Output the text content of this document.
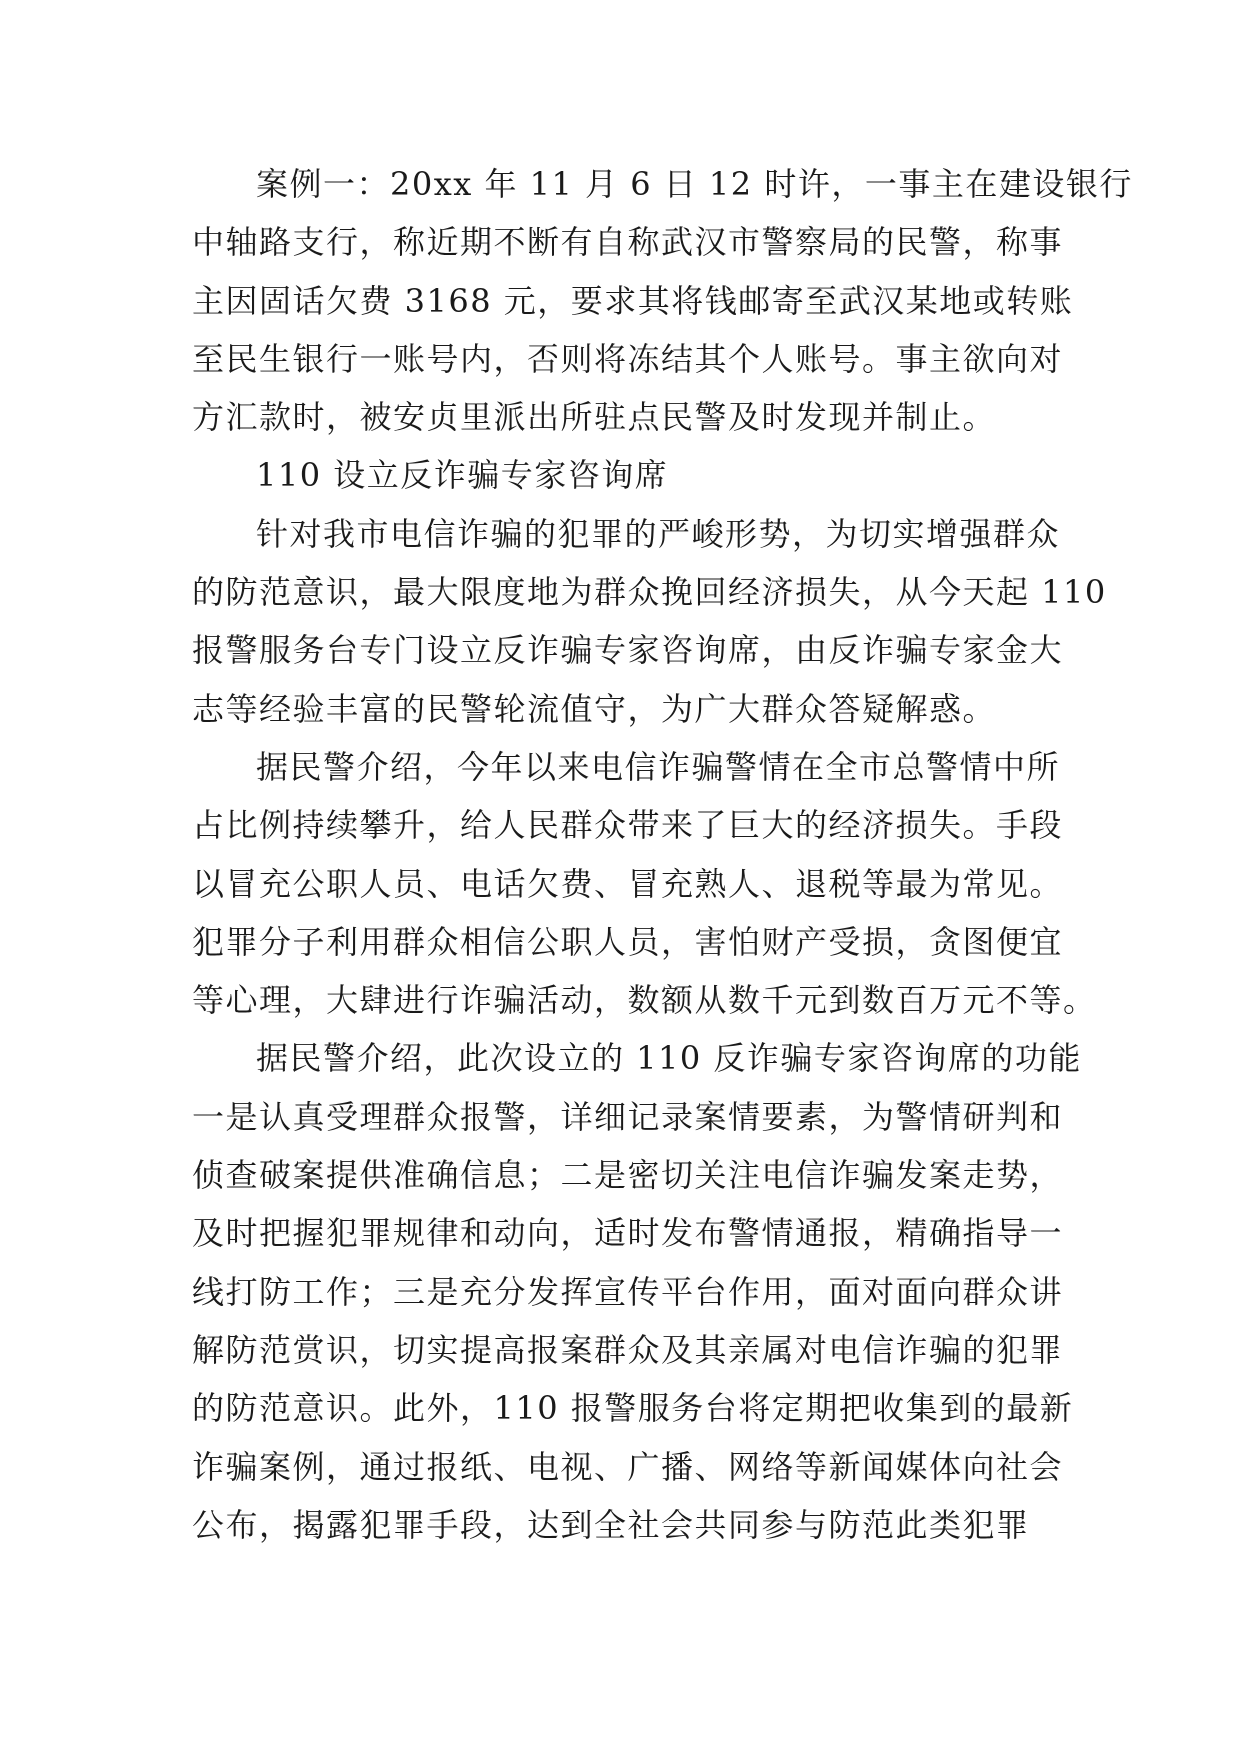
案例一：20xx 年 11 月 6 日 12 时许，一事主在建设银行
中轴路支行，称近期不断有自称武汉市警察局的民警，称事
主因固话欠费 3168 元，要求其将钱邮寄至武汉某地或转账
至民生银行一账号内，否则将冻结其个人账号。事主欲向对
方汇款时，被安贞里派出所驻点民警及时发现并制止。
110 设立反诈骗专家咨询席
针对我市电信诈骗的犯罪的严峻形势，为切实增强群众
的防范意识，最大限度地为群众挽回经济损失，从今天起 110
报警服务台专门设立反诈骗专家咨询席，由反诈骗专家金大
志等经验丰富的民警轮流值守，为广大群众答疑解惑。
据民警介绍，今年以来电信诈骗警情在全市总警情中所
占比例持续攀升，给人民群众带来了巨大的经济损失。手段
以冒充公职人员、电话欠费、冒充熟人、退税等最为常见。
犯罪分子利用群众相信公职人员，害怕财产受损，贪图便宜
等心理，大肆进行诈骗活动，数额从数千元到数百万元不等。
据民警介绍，此次设立的 110 反诈骗专家咨询席的功能
一是认真受理群众报警，详细记录案情要素，为警情研判和
侦查破案提供准确信息；二是密切关注电信诈骗发案走势，
及时把握犯罪规律和动向，适时发布警情通报，精确指导一
线打防工作；三是充分发挥宣传平台作用，面对面向群众讲
解防范赏识，切实提高报案群众及其亲属对电信诈骗的犯罪
的防范意识。此外，110 报警服务台将定期把收集到的最新
诈骗案例，通过报纸、电视、广播、网络等新闻媒体向社会
公布，揭露犯罪手段，达到全社会共同参与防范此类犯罪
